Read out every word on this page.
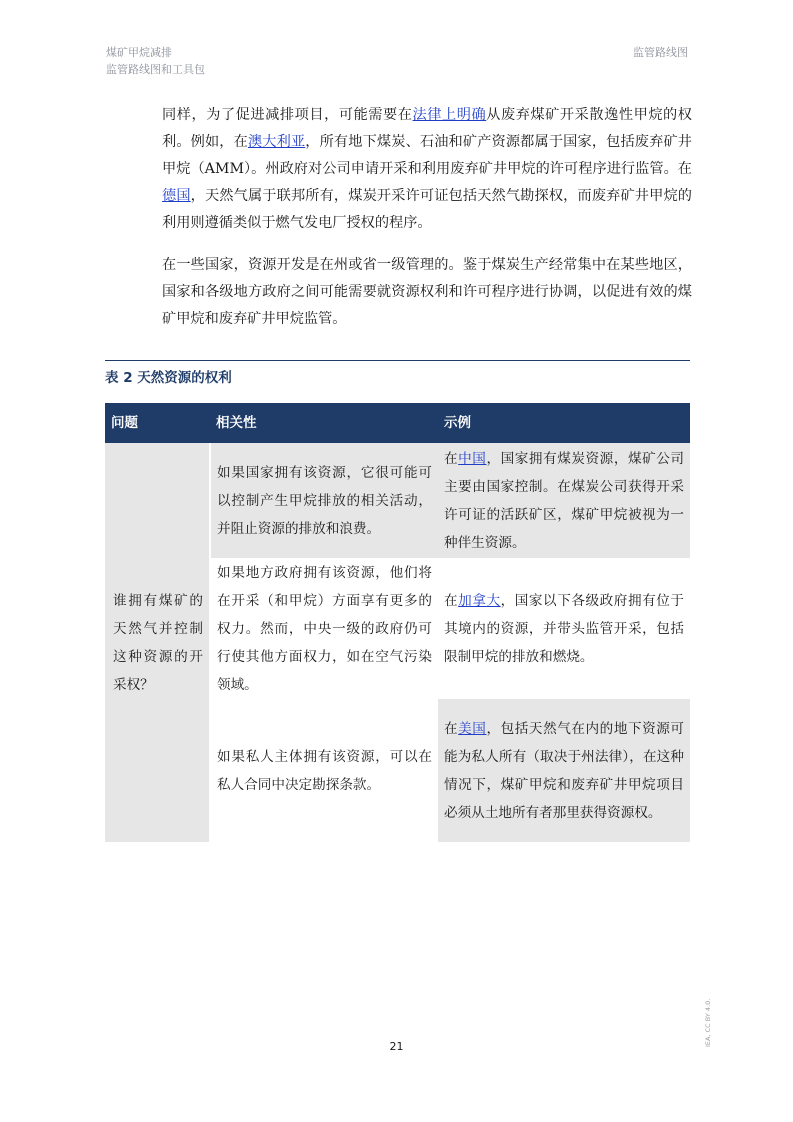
煤矿甲烷减排
监管路线图和工具包
监管路线图
同样，为了促进减排项目，可能需要在法律上明确从废弃煤矿开采散逸性甲烷的权利。例如，在澳大利亚，所有地下煤炭、石油和矿产资源都属于国家，包括废弃矿井甲烷（AMM）。州政府对公司申请开采和利用废弃矿井甲烷的许可程序进行监管。在德国，天然气属于联邦所有，煤炭开采许可证包括天然气勘探权，而废弃矿井甲烷的利用则遵循类似于燃气发电厂授权的程序。
在一些国家，资源开发是在州或省一级管理的。鉴于煤炭生产经常集中在某些地区，国家和各级地方政府之间可能需要就资源权利和许可程序进行协调，以促进有效的煤矿甲烷和废弃矿井甲烷监管。
表 2 天然资源的权利
问题	相关性	示例
谁拥有煤矿的天然气并控制这种资源的开采权？	如果国家拥有该资源，它很可能可以控制产生甲烷排放的相关活动，并阻止资源的排放和浪费。	在中国，国家拥有煤炭资源，煤矿公司主要由国家控制。在煤炭公司获得开采许可证的活跃矿区，煤矿甲烷被视为一种伴生资源。
	如果地方政府拥有该资源，他们将在开采（和甲烷）方面享有更多的权力。然而，中央一级的政府仍可行使其他方面权力，如在空气污染领域。	在加拿大，国家以下各级政府拥有位于其境内的资源，并带头监管开采，包括限制甲烷的排放和燃烧。
	如果私人主体拥有该资源，可以在私人合同中决定勘探条款。	在美国，包括天然气在内的地下资源可能为私人所有（取决于州法律），在这种情况下，煤矿甲烷和废弃矿井甲烷项目必须从土地所有者那里获得资源权。
21	IEA, CC BY 4.0.
